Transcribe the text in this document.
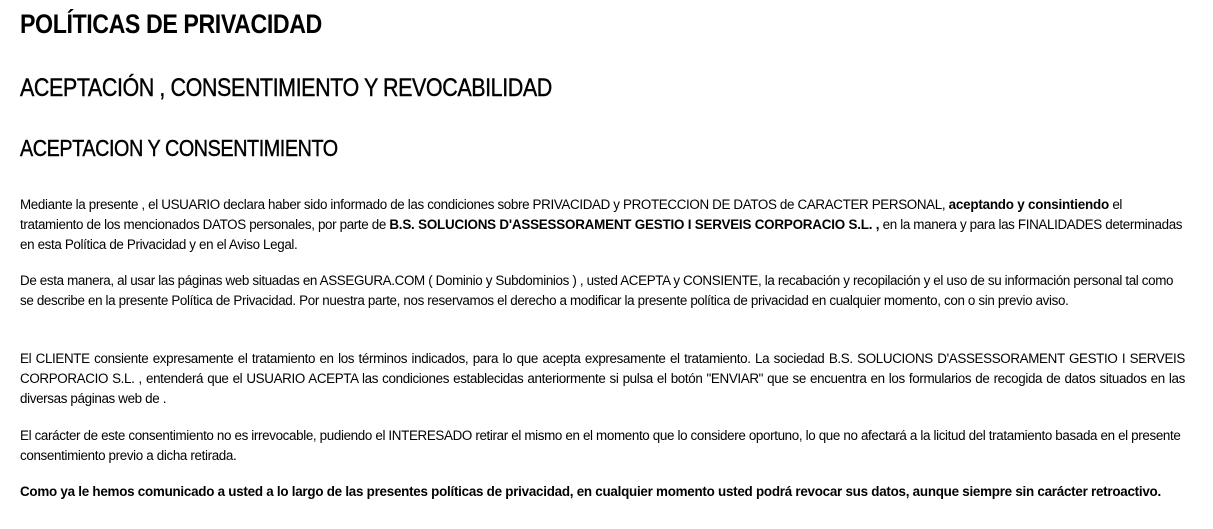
POLÍTICAS DE PRIVACIDAD
ACEPTACIÓN , CONSENTIMIENTO Y REVOCABILIDAD
ACEPTACION Y CONSENTIMIENTO

Mediante la presente , el USUARIO declara haber sido informado de las condiciones sobre PRIVACIDAD y PROTECCION DE DATOS de CARACTER PERSONAL, aceptando y consintiendo el tratamiento de los mencionados DATOS personales, por parte de B.S. SOLUCIONS D'ASSESSORAMENT GESTIO I SERVEIS CORPORACIO S.L. , en la manera y para las FINALIDADES determinadas en esta Política de Privacidad y en el Aviso Legal.

De esta manera, al usar las páginas web situadas en ASSEGURA.COM ( Dominio y Subdominios ) , usted ACEPTA y CONSIENTE, la recabación y recopilación y el uso de su información personal tal como se describe en la presente Política de Privacidad. Por nuestra parte, nos reservamos el derecho a modificar la presente política de privacidad en cualquier momento, con o sin previo aviso.

El CLIENTE consiente expresamente el tratamiento en los términos indicados, para lo que acepta expresamente el tratamiento. La sociedad B.S. SOLUCIONS D'ASSESSORAMENT GESTIO I SERVEIS CORPORACIO S.L. , entenderá que el USUARIO ACEPTA las condiciones establecidas anteriormente si pulsa el botón "ENVIAR" que se encuentra en los formularios de recogida de datos situados en las diversas páginas web de .

El carácter de este consentimiento no es irrevocable, pudiendo el INTERESADO retirar el mismo en el momento que lo considere oportuno, lo que no afectará a la licitud del tratamiento basada en el presente consentimiento previo a dicha retirada.

Como ya le hemos comunicado a usted a lo largo de las presentes políticas de privacidad, en cualquier momento usted podrá revocar sus datos, aunque siempre sin carácter retroactivo.
